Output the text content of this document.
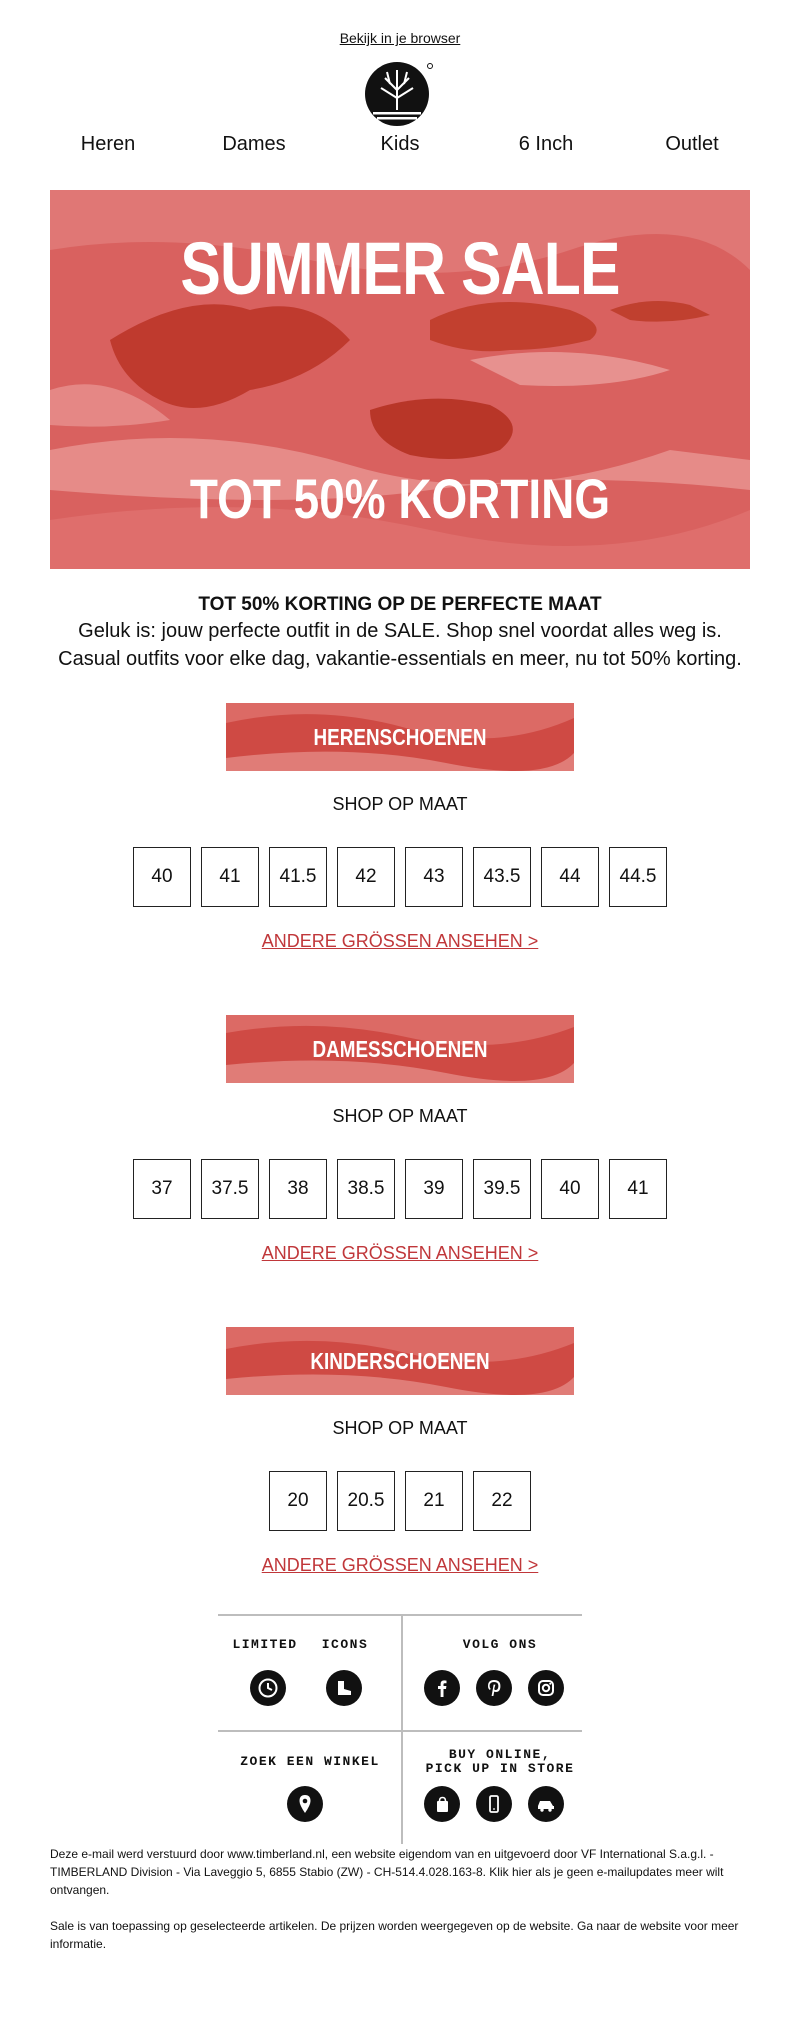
Bekijk in je browser
Heren	Dames	Kids	6 Inch	Outlet
SUMMER SALE
TOT 50% KORTING
TOT 50% KORTING OP DE PERFECTE MAAT
Geluk is: jouw perfecte outfit in de SALE. Shop snel voordat alles weg is.
Casual outfits voor elke dag, vakantie-essentials en meer, nu tot 50% korting.
HERENSCHOENEN
SHOP OP MAAT
40	41	41.5	42	43	43.5	44	44.5
ANDERE GRÖSSEN ANSEHEN >
DAMESSCHOENEN
SHOP OP MAAT
37	37.5	38	38.5	39	39.5	40	41
ANDERE GRÖSSEN ANSEHEN >
KINDERSCHOENEN
SHOP OP MAAT
20	20.5	21	22
ANDERE GRÖSSEN ANSEHEN >
LIMITED	ICONS	VOLG ONS
ZOEK EEN WINKEL	BUY ONLINE,
PICK UP IN STORE
Deze e-mail werd verstuurd door www.timberland.nl, een website eigendom van en uitgevoerd door VF International S.a.g.l. - TIMBERLAND Division - Via Laveggio 5, 6855 Stabio (ZW) - CH-514.4.028.163-8. Klik hier als je geen e-mailupdates meer wilt ontvangen.
Sale is van toepassing op geselecteerde artikelen. De prijzen worden weergegeven op de website. Ga naar de website voor meer informatie.
